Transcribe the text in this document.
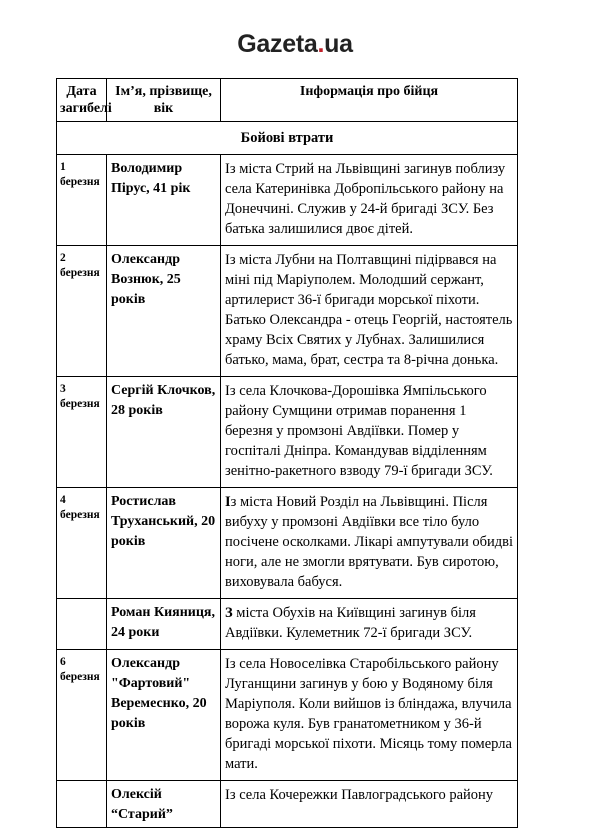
Gazeta.ua
Дата загибелі	Ім’я, прізвище, вік	Інформація про бійця
Бойові втрати		
1 березня	Володимир Пірус, 41 рік	Із міста Стрий на Львівщині загинув поблизу села Катеринівка Добропільського району на Донеччині. Служив у 24-й бригаді ЗСУ. Без батька залишилися двоє дітей.
2 березня	Олександр Вознюк, 25 років	Із міста Лубни на Полтавщині підірвався на міні під Маріуполем. Молодший сержант, артилерист 36-ї бригади морської піхоти. Батько Олександра - отець Георгій, настоятель храму Всіх Святих у Лубнах. Залишилися батько, мама, брат, сестра та 8-річна донька.
3 березня	Сергій Клочков, 28 років	Із села Клочкова-Дорошівка Ямпільського району Сумщини отримав поранення 1 березня у промзоні Авдіївки. Помер у госпіталі Дніпра. Командував відділенням зенітно-ракетного взводу 79-ї бригади ЗСУ.
4 березня	Ростислав Труханський, 20 років	Із міста Новий Розділ на Львівщині. Після вибуху у промзоні Авдіївки все тіло було посічене осколками. Лікарі ампутували обидві ноги, але не змогли врятувати. Був сиротою, виховувала бабуся.
	Роман Кияниця, 24 роки	З міста Обухів на Київщині загинув біля Авдіївки. Кулеметник 72-ї бригади ЗСУ.
6 березня	Олександр "Фартовий" Веремеснко, 20 років	Із села Новоселівка Старобільського району Луганщини загинув у бою у Водяному біля Маріуполя. Коли вийшов із бліндажа, влучила ворожа куля. Був гранатометником у 36-й бригаді морської піхоти. Місяць тому померла мати.
	Олексій “Старий”	Із села Кочережки Павлоградського району
